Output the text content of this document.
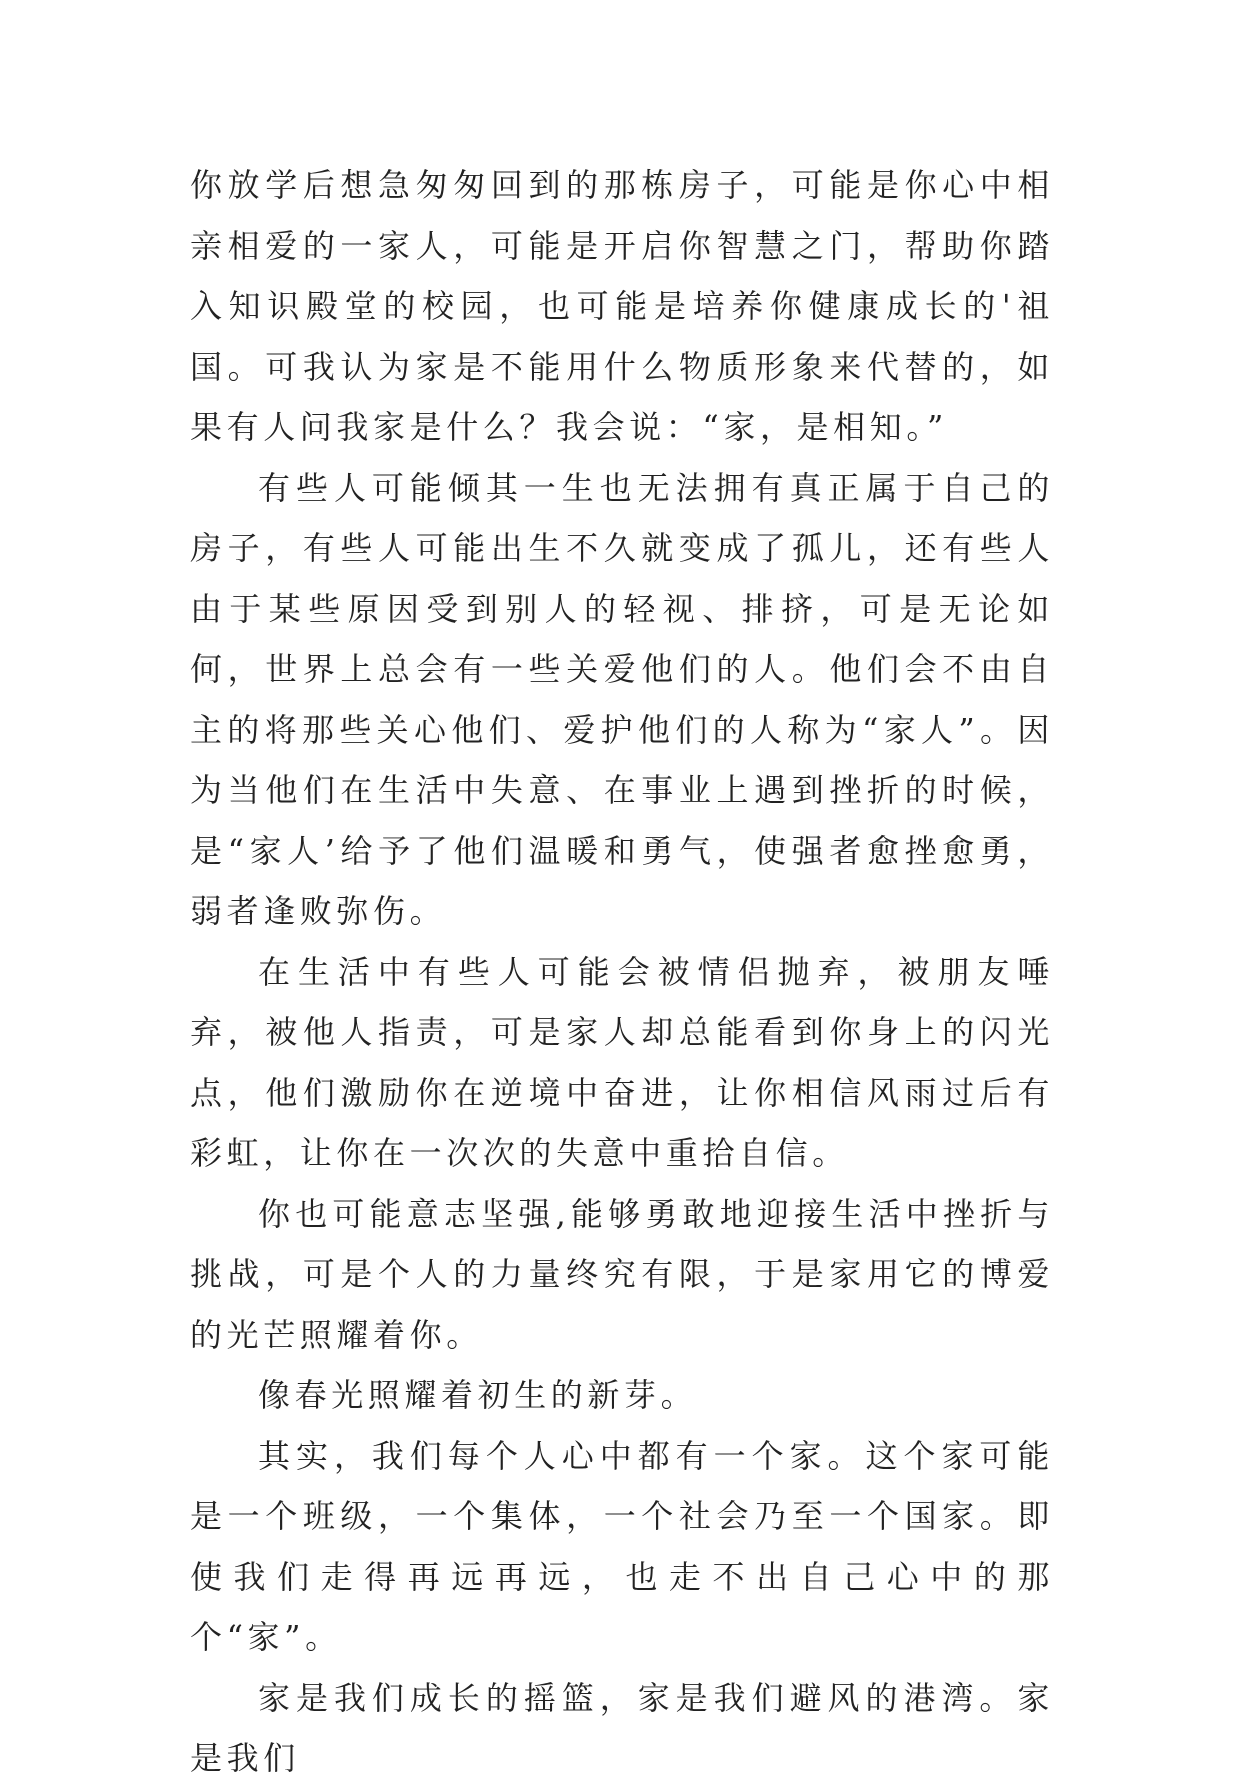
你放学后想急匆匆回到的那栋房子，可能是你心中相亲相爱的一家人，可能是开启你智慧之门，帮助你踏入知识殿堂的校园，也可能是培养你健康成长的'祖国。可我认为家是不能用什么物质形象来代替的，如果有人问我家是什么？我会说：“家，是相知。”

有些人可能倾其一生也无法拥有真正属于自己的房子，有些人可能出生不久就变成了孤儿，还有些人由于某些原因受到别人的轻视、排挤，可是无论如何，世界上总会有一些关爱他们的人。他们会不由自主的将那些关心他们、爱护他们的人称为“家人”。因为当他们在生活中失意、在事业上遇到挫折的时候，是“家人’给予了他们温暖和勇气，使强者愈挫愈勇，弱者逢败弥伤。

在生活中有些人可能会被情侣抛弃，被朋友唾弃，被他人指责，可是家人却总能看到你身上的闪光点，他们激励你在逆境中奋进，让你相信风雨过后有彩虹，让你在一次次的失意中重拾自信。

你也可能意志坚强,能够勇敢地迎接生活中挫折与挑战，可是个人的力量终究有限，于是家用它的博爱的光芒照耀着你。

像春光照耀着初生的新芽。

其实，我们每个人心中都有一个家。这个家可能是一个班级，一个集体，一个社会乃至一个国家。即使我们走得再远再远，也走不出自己心中的那个“家”。

家是我们成长的摇篮，家是我们避风的港湾。家是我们
